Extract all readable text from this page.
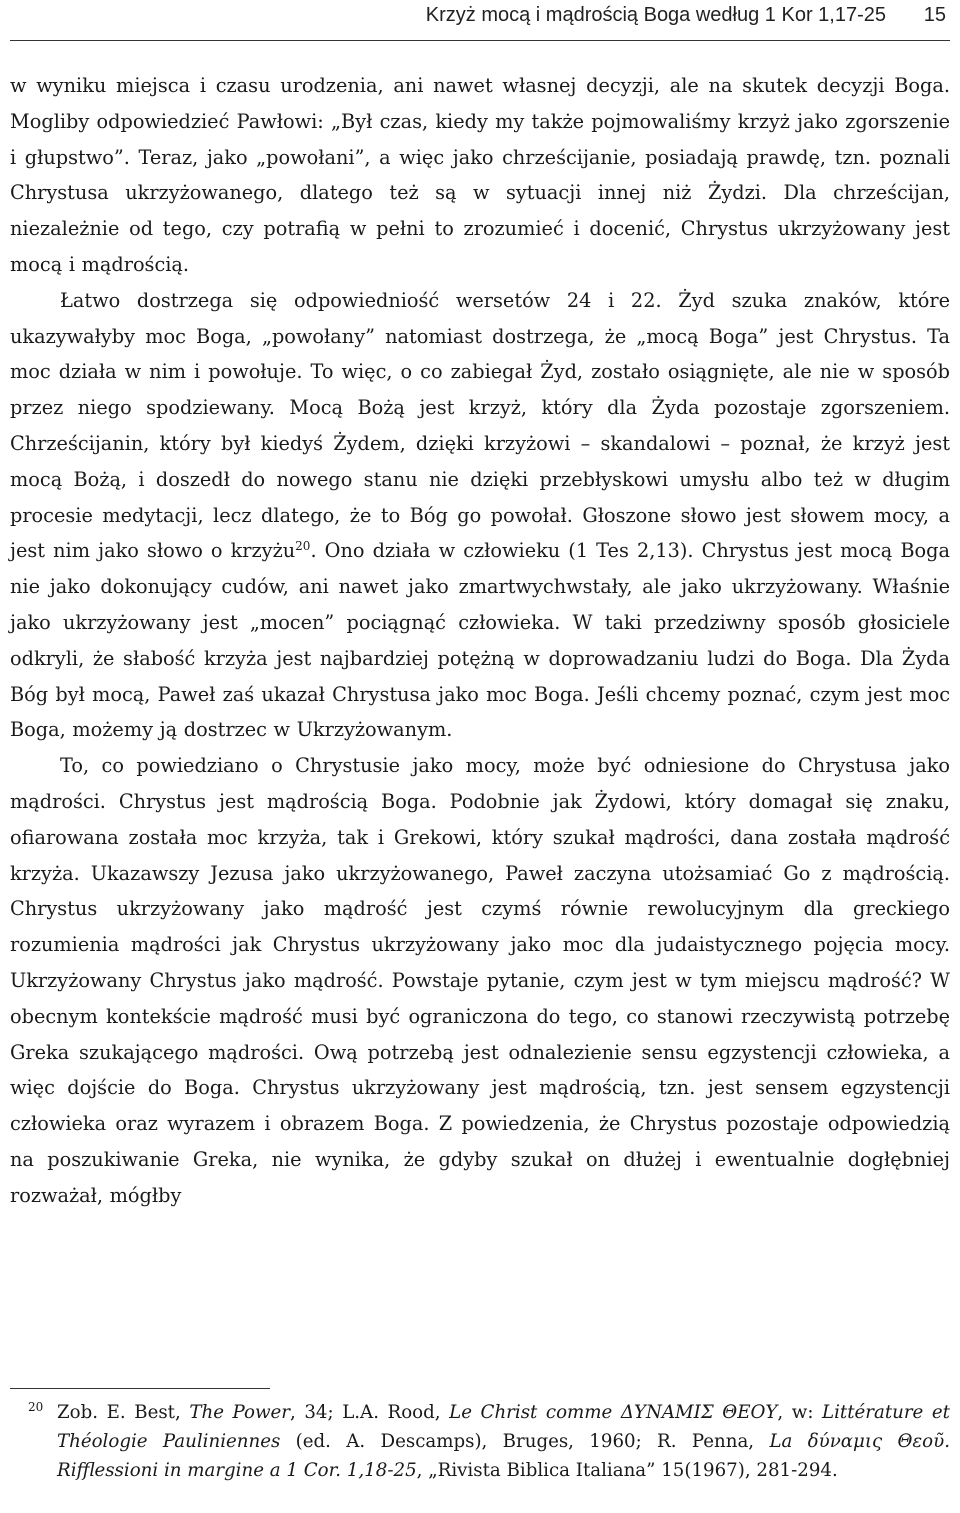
Krzyż mocą i mądrością Boga według 1 Kor 1,17-25 15

w wyniku miejsca i czasu urodzenia, ani nawet własnej decyzji, ale na skutek decyzji Boga. Mogliby odpowiedzieć Pawłowi: „Był czas, kiedy my także pojmowaliśmy krzyż jako zgorszenie i głupstwo”. Teraz, jako „powołani”, a więc jako chrześcijanie, posiadają prawdę, tzn. poznali Chrystusa ukrzyżowanego, dlatego też są w sytuacji innej niż Żydzi. Dla chrześcijan, niezależnie od tego, czy potrafią w pełni to zrozumieć i docenić, Chrystus ukrzyżowany jest mocą i mądrością.

Łatwo dostrzega się odpowiedniość wersetów 24 i 22. Żyd szuka znaków, które ukazywałyby moc Boga, „powołany” natomiast dostrzega, że „mocą Boga” jest Chrystus. Ta moc działa w nim i powołuje. To więc, o co zabiegał Żyd, zostało osiągnięte, ale nie w sposób przez niego spodziewany. Mocą Bożą jest krzyż, który dla Żyda pozostaje zgorszeniem. Chrześcijanin, który był kiedyś Żydem, dzięki krzyżowi – skandalowi – poznał, że krzyż jest mocą Bożą, i doszedł do nowego stanu nie dzięki przebłyskowi umysłu albo też w długim procesie medytacji, lecz dlatego, że to Bóg go powołał. Głoszone słowo jest słowem mocy, a jest nim jako słowo o krzyżu$^{20}$. Ono działa w człowieku (1 Tes 2,13). Chrystus jest mocą Boga nie jako dokonujący cudów, ani nawet jako zmartwychwstały, ale jako ukrzyżowany. Właśnie jako ukrzyżowany jest „mocen” pociągnąć człowieka. W taki przedziwny sposób głosiciele odkryli, że słabość krzyża jest najbardziej potężną w doprowadzaniu ludzi do Boga. Dla Żyda Bóg był mocą, Paweł zaś ukazał Chrystusa jako moc Boga. Jeśli chcemy poznać, czym jest moc Boga, możemy ją dostrzec w Ukrzyżowanym.

To, co powiedziano o Chrystusie jako mocy, może być odniesione do Chrystusa jako mądrości. Chrystus jest mądrością Boga. Podobnie jak Żydowi, który domagał się znaku, ofiarowana została moc krzyża, tak i Grekowi, który szukał mądrości, dana została mądrość krzyża. Ukazawszy Jezusa jako ukrzyżowanego, Paweł zaczyna utożsamiać Go z mądrością. Chrystus ukrzyżowany jako mądrość jest czymś równie rewolucyjnym dla greckiego rozumienia mądrości jak Chrystus ukrzyżowany jako moc dla judaistycznego pojęcia mocy. Ukrzyżowany Chrystus jako mądrość. Powstaje pytanie, czym jest w tym miejscu mądrość? W obecnym kontekście mądrość musi być ograniczona do tego, co stanowi rzeczywistą potrzebę Greka szukającego mądrości. Ową potrzebą jest odnalezienie sensu egzystencji człowieka, a więc dojście do Boga. Chrystus ukrzyżowany jest mądrością, tzn. jest sensem egzystencji człowieka oraz wyrazem i obrazem Boga. Z powiedzenia, że Chrystus pozostaje odpowiedzią na poszukiwanie Greka, nie wynika, że gdyby szukał on dłużej i ewentualnie dogłębniej rozważał, mógłby

20 Zob. E. Best, The Power, 34; L.A. Rood, Le Christ comme ΔΥΝΑΜΙΣ ΘΕΟΥ, w: Littérature et Théologie Pauliniennes (ed. A. Descamps), Bruges, 1960; R. Penna, La δύναμις Θεοῦ. Rifflessioni in margine a 1 Cor. 1,18-25, „Rivista Biblica Italiana” 15(1967), 281-294.
